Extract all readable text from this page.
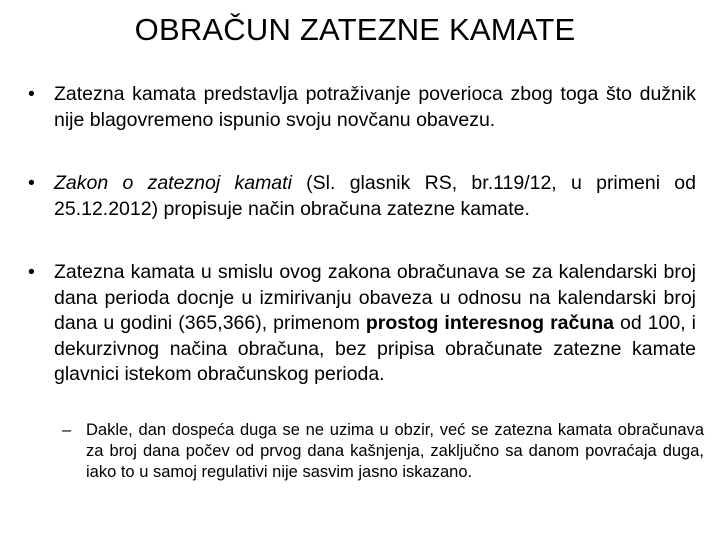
OBRAČUN ZATEZNE KAMATE
• Zatezna kamata predstavlja potraživanje poverioca zbog toga što dužnik nije blagovremeno ispunio svoju novčanu obavezu.
• Zakon o zateznoj kamati (Sl. glasnik RS, br.119/12, u primeni od 25.12.2012) propisuje način obračuna zatezne kamate.
• Zatezna kamata u smislu ovog zakona obračunava se za kalendarski broj dana perioda docnje u izmirivanju obaveza u odnosu na kalendarski broj dana u godini (365,366), primenom prostog interesnog računa od 100, i dekurzivnog načina obračuna, bez pripisa obračunate zatezne kamate glavnici istekom obračunskog perioda.
– Dakle, dan dospeća duga se ne uzima u obzir, već se zatezna kamata obračunava za broj dana počev od prvog dana kašnjenja, zaključno sa danom povraćaja duga, iako to u samoj regulativi nije sasvim jasno iskazano.
